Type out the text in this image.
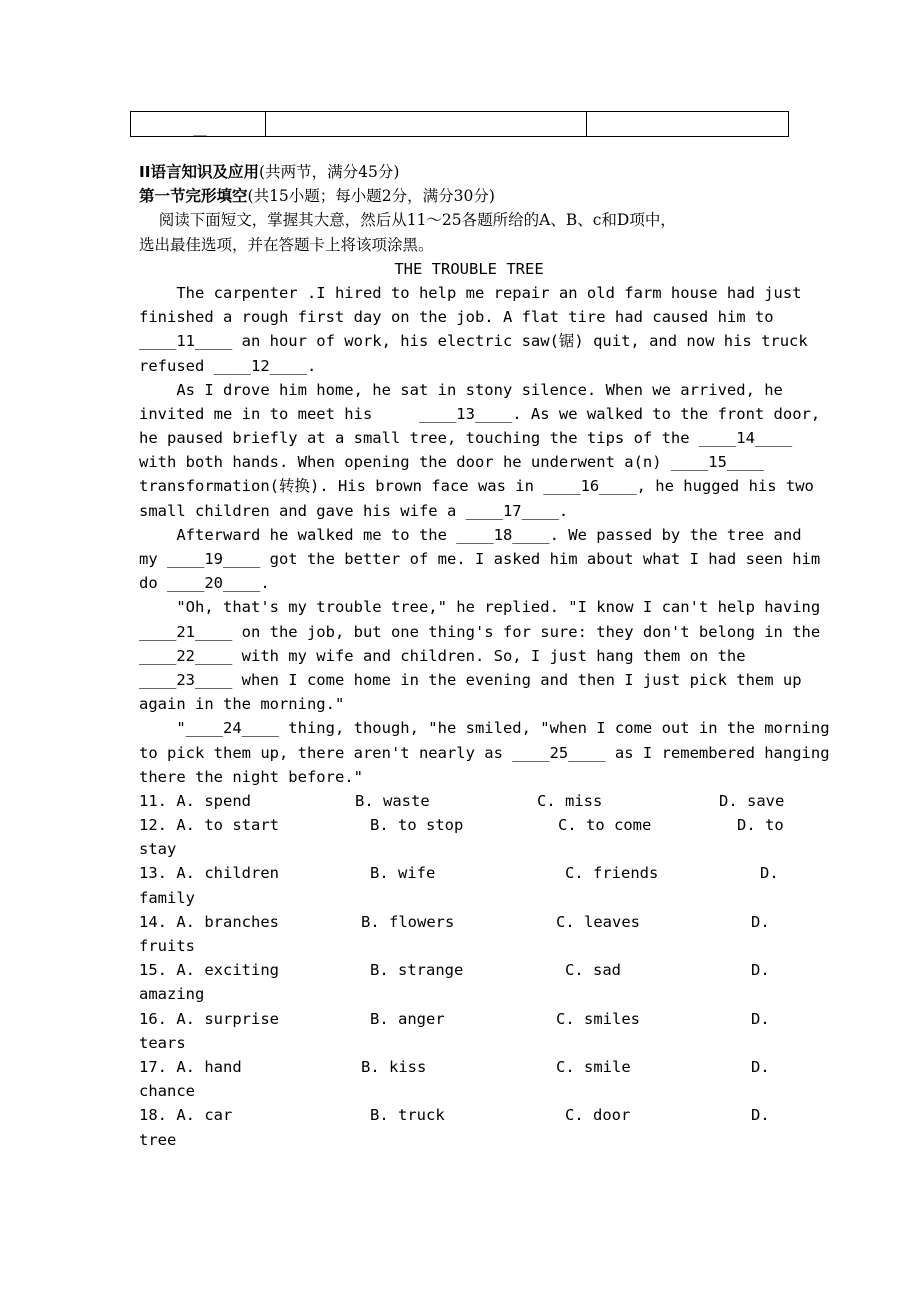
__

II语言知识及应用(共两节，满分45分)
第一节完形填空(共15小题；每小题2分，满分30分)
阅读下面短文，掌握其大意，然后从11～25各题所给的A、B、c和D项中，
选出最佳选项，并在答题卡上将该项涂黑。
THE TROUBLE TREE
The carpenter .I hired to help me repair an old farm house had just
finished a rough first day on the job. A flat tire had caused him to
____11____ an hour of work, his electric saw(锯) quit, and now his truck
refused ____12____.
As I drove him home, he sat in stony silence. When we arrived, he
invited me in to meet his     ____13____. As we walked to the front door,
he paused briefly at a small tree, touching the tips of the ____14____
with both hands. When opening the door he underwent a(n) ____15____
transformation(转换). His brown face was in ____16____, he hugged his two
small children and gave his wife a ____17____.
Afterward he walked me to the ____18____. We passed by the tree and
my ____19____ got the better of me. I asked him about what I had seen him
do ____20____.
"Oh, that's my trouble tree," he replied. "I know I can't help having
____21____ on the job, but one thing's for sure: they don't belong in the
____22____ with my wife and children. So, I just hang them on the
____23____ when I come home in the evening and then I just pick them up
again in the morning."
"____24____ thing, though, "he smiled, "when I come out in the morning
to pick them up, there aren't nearly as ____25____ as I remembered hanging
there the night before."
11. A. spend	B. waste	C. miss	D. save
12. A. to start	B. to stop	C. to come	D. to
stay
13. A. children	B. wife	C. friends	D.
family
14. A. branches	B. flowers	C. leaves	D.
fruits
15. A. exciting	B. strange	C. sad	D.
amazing
16. A. surprise	B. anger	C. smiles	D.
tears
17. A. hand	B. kiss	C. smile	D.
chance
18. A. car	B. truck	C. door	D.
tree
